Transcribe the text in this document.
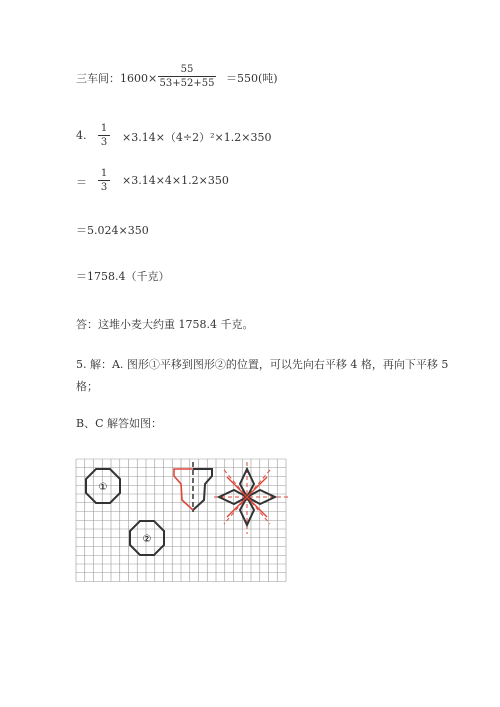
三车间：1600×
55
53+52+55 ＝550(吨)
4.
1
3 ×3.14×（4÷2）²×1.2×350
＝
1
3
×3.14×4×1.2×350
＝5.024×350
＝1758.4（千克）
答：这堆小麦大约重 1758.4 千克。
5. 解：A. 图形①平移到图形②的位置，可以先向右平移 4 格，再向下平移 5
格；
B、C 解答如图：
①
②
